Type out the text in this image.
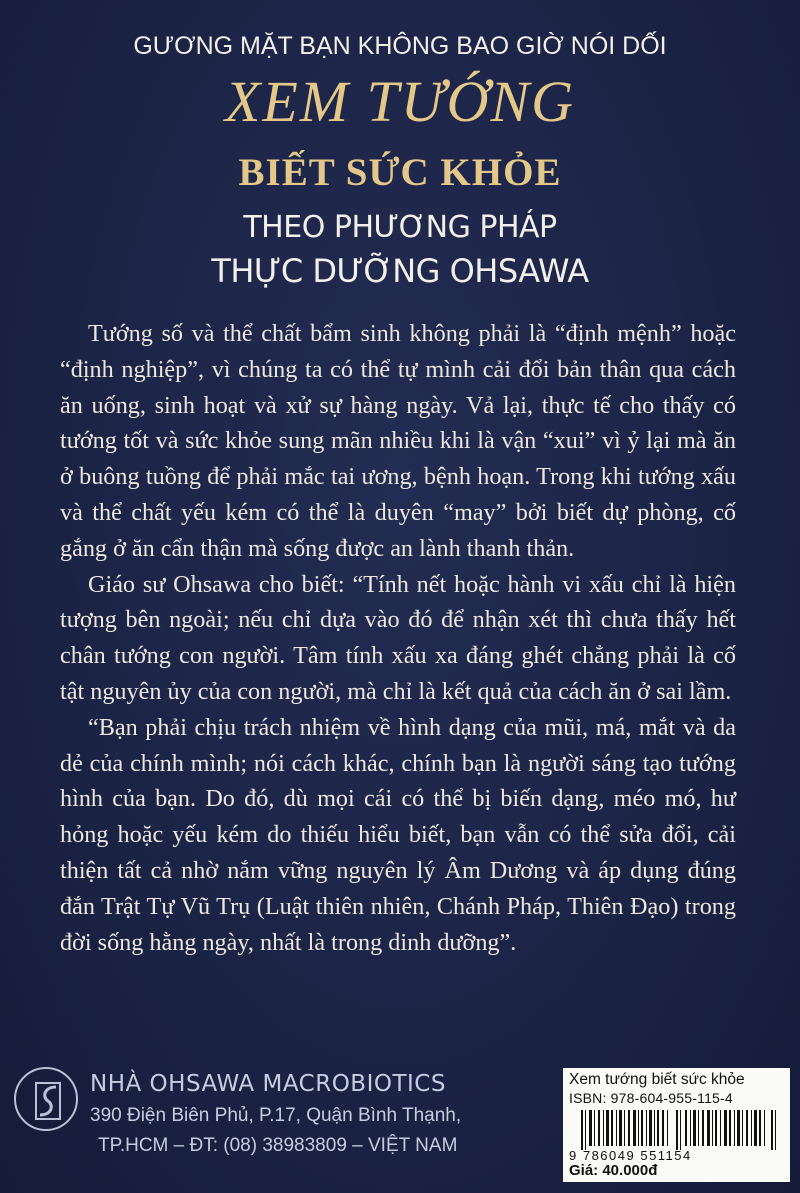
GƯƠNG MẶT BẠN KHÔNG BAO GIỜ NÓI DỐI
XEM TƯỚNG
BIẾT SỨC KHỎE
THEO PHƯƠNG PHÁP
THỰC DƯỠNG OHSAWA

Tướng số và thể chất bẩm sinh không phải là “định mệnh” hoặc “định nghiệp”, vì chúng ta có thể tự mình cải đổi bản thân qua cách ăn uống, sinh hoạt và xử sự hàng ngày. Vả lại, thực tế cho thấy có tướng tốt và sức khỏe sung mãn nhiều khi là vận “xui” vì ỷ lại mà ăn ở buông tuồng để phải mắc tai ương, bệnh hoạn. Trong khi tướng xấu và thể chất yếu kém có thể là duyên “may” bởi biết dự phòng, cố gắng ở ăn cẩn thận mà sống được an lành thanh thản.

Giáo sư Ohsawa cho biết: “Tính nết hoặc hành vi xấu chỉ là hiện tượng bên ngoài; nếu chỉ dựa vào đó để nhận xét thì chưa thấy hết chân tướng con người. Tâm tính xấu xa đáng ghét chẳng phải là cố tật nguyên ủy của con người, mà chỉ là kết quả của cách ăn ở sai lầm.

“Bạn phải chịu trách nhiệm về hình dạng của mũi, má, mắt và da dẻ của chính mình; nói cách khác, chính bạn là người sáng tạo tướng hình của bạn. Do đó, dù mọi cái có thể bị biến dạng, méo mó, hư hỏng hoặc yếu kém do thiếu hiểu biết, bạn vẫn có thể sửa đổi, cải thiện tất cả nhờ nắm vững nguyên lý Âm Dương và áp dụng đúng đắn Trật Tự Vũ Trụ (Luật thiên nhiên, Chánh Pháp, Thiên Đạo) trong đời sống hằng ngày, nhất là trong dinh dưỡng”.

NHÀ OHSAWA MACROBIOTICS
390 Điện Biên Phủ, P.17, Quận Bình Thạnh,
TP.HCM – ĐT: (08) 38983809 – VIỆT NAM
Xem tướng biết sức khỏe
ISBN: 978-604-955-115-4
9 786049 551154
Giá: 40.000đ
